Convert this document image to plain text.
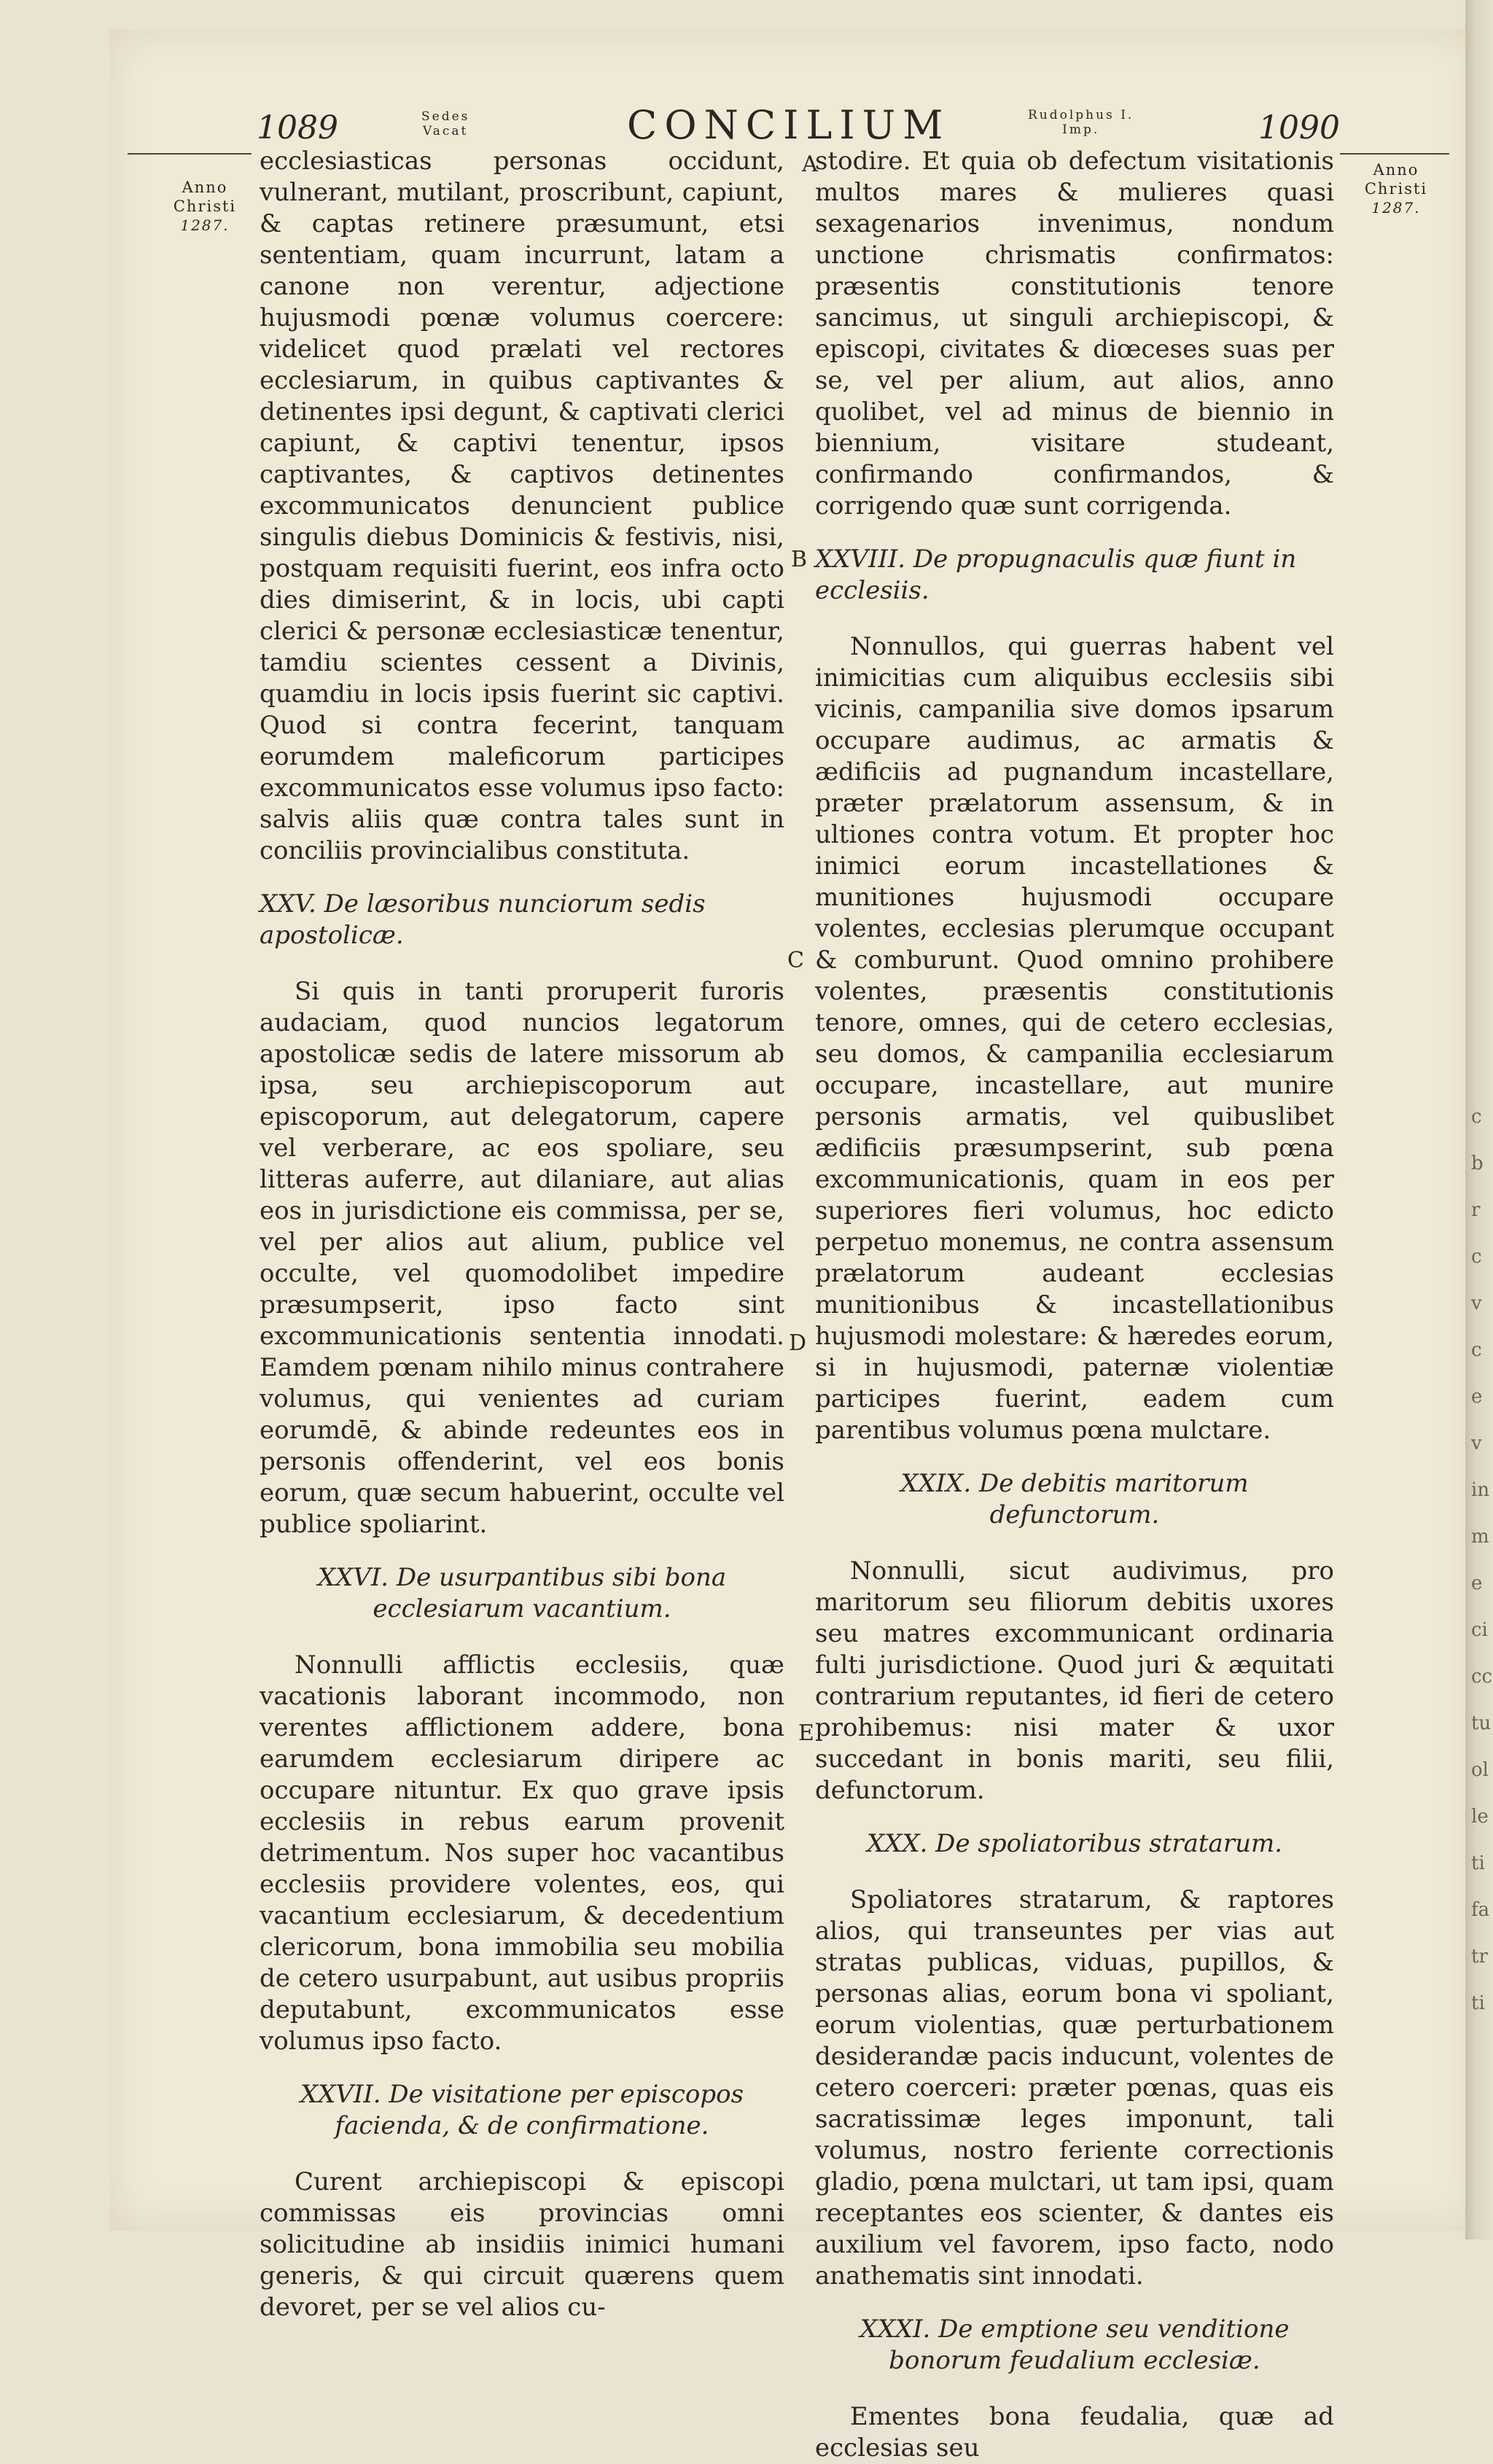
c
b
r
c
v
c
e
v
in
m
e
ci
cc
tu
ol
le
ti
fa
tr
ti
1089	Sedes
Vacat	CONCILIUM	Rudolphus I.
Imp.	1090
Anno
Christi
1287.
Anno
Christi
1287.
A
B
C
D
E

ecclesiasticas personas occidunt, vulnerant, mutilant, proscribunt, capiunt, & captas retinere præsumunt, etsi sententiam, quam incurrunt, latam a canone non verentur, adjectione hujusmodi pœnæ volumus coercere: videlicet quod prælati vel rectores ecclesiarum, in quibus captivantes & detinentes ipsi degunt, & captivati clerici capiunt, & captivi tenentur, ipsos captivantes, & captivos detinentes excommunicatos denuncient publice singulis diebus Dominicis & festivis, nisi, postquam requisiti fuerint, eos infra octo dies dimiserint, & in locis, ubi capti clerici & personæ ecclesiasticæ tenentur, tamdiu scientes cessent a Divinis, quamdiu in locis ipsis fuerint sic captivi. Quod si contra fecerint, tanquam eorumdem maleficorum participes excommunicatos esse volumus ipso facto: salvis aliis quæ contra tales sunt in conciliis provincialibus constituta.

XXV. De læsoribus nunciorum sedis apostolicæ.

Si quis in tanti proruperit furoris audaciam, quod nuncios legatorum apostolicæ sedis de latere missorum ab ipsa, seu archiepiscoporum aut episcoporum, aut delegatorum, capere vel verberare, ac eos spoliare, seu litteras auferre, aut dilaniare, aut alias eos in jurisdictione eis commissa, per se, vel per alios aut alium, publice vel occulte, vel quomodolibet impedire præsumpserit, ipso facto sint excommunicationis sententia innodati. Eamdem pœnam nihilo minus contrahere volumus, qui venientes ad curiam eorumdē, & abinde redeuntes eos in personis offenderint, vel eos bonis eorum, quæ secum habuerint, occulte vel publice spoliarint.

XXVI. De usurpantibus sibi bona ecclesiarum vacantium.

Nonnulli afflictis ecclesiis, quæ vacationis laborant incommodo, non verentes afflictionem addere, bona earumdem ecclesiarum diripere ac occupare nituntur. Ex quo grave ipsis ecclesiis in rebus earum provenit detrimentum. Nos super hoc vacantibus ecclesiis providere volentes, eos, qui vacantium ecclesiarum, & decedentium clericorum, bona immobilia seu mobilia de cetero usurpabunt, aut usibus propriis deputabunt, excommunicatos esse volumus ipso facto.

XXVII. De visitatione per episcopos facienda, & de confirmatione.

Curent archiepiscopi & episcopi commissas eis provincias omni solicitudine ab insidiis inimici humani generis, & qui circuit quærens quem devoret, per se vel alios cu-

stodire. Et quia ob defectum visitationis multos mares & mulieres quasi sexagenarios invenimus, nondum unctione chrismatis confirmatos: præsentis constitutionis tenore sancimus, ut singuli archiepiscopi, & episcopi, civitates & diœceses suas per se, vel per alium, aut alios, anno quolibet, vel ad minus de biennio in biennium, visitare studeant, confirmando confirmandos, & corrigendo quæ sunt corrigenda.

XXVIII. De propugnaculis quæ fiunt in ecclesiis.

Nonnullos, qui guerras habent vel inimicitias cum aliquibus ecclesiis sibi vicinis, campanilia sive domos ipsarum occupare audimus, ac armatis & ædificiis ad pugnandum incastellare, præter prælatorum assensum, & in ultiones contra votum. Et propter hoc inimici eorum incastellationes & munitiones hujusmodi occupare volentes, ecclesias plerumque occupant & comburunt. Quod omnino prohibere volentes, præsentis constitutionis tenore, omnes, qui de cetero ecclesias, seu domos, & campanilia ecclesiarum occupare, incastellare, aut munire personis armatis, vel quibuslibet ædificiis præsumpserint, sub pœna excommunicationis, quam in eos per superiores fieri volumus, hoc edicto perpetuo monemus, ne contra assensum prælatorum audeant ecclesias munitionibus & incastellationibus hujusmodi molestare: & hæredes eorum, si in hujusmodi, paternæ violentiæ participes fuerint, eadem cum parentibus volumus pœna mulctare.

XXIX. De debitis maritorum defunctorum.

Nonnulli, sicut audivimus, pro maritorum seu filiorum debitis uxores seu matres excommunicant ordinaria fulti jurisdictione. Quod juri & æquitati contrarium reputantes, id fieri de cetero prohibemus: nisi mater & uxor succedant in bonis mariti, seu filii, defunctorum.

XXX. De spoliatoribus stratarum.

Spoliatores stratarum, & raptores alios, qui transeuntes per vias aut stratas publicas, viduas, pupillos, & personas alias, eorum bona vi spoliant, eorum violentias, quæ perturbationem desiderandæ pacis inducunt, volentes de cetero coerceri: præter pœnas, quas eis sacratissimæ leges imponunt, tali volumus, nostro feriente correctionis gladio, pœna mulctari, ut tam ipsi, quam receptantes eos scienter, & dantes eis auxilium vel favorem, ipso facto, nodo anathematis sint innodati.

XXXI. De emptione seu venditione bonorum feudalium ecclesiæ.

Ementes bona feudalia, quæ ad ecclesias seu
